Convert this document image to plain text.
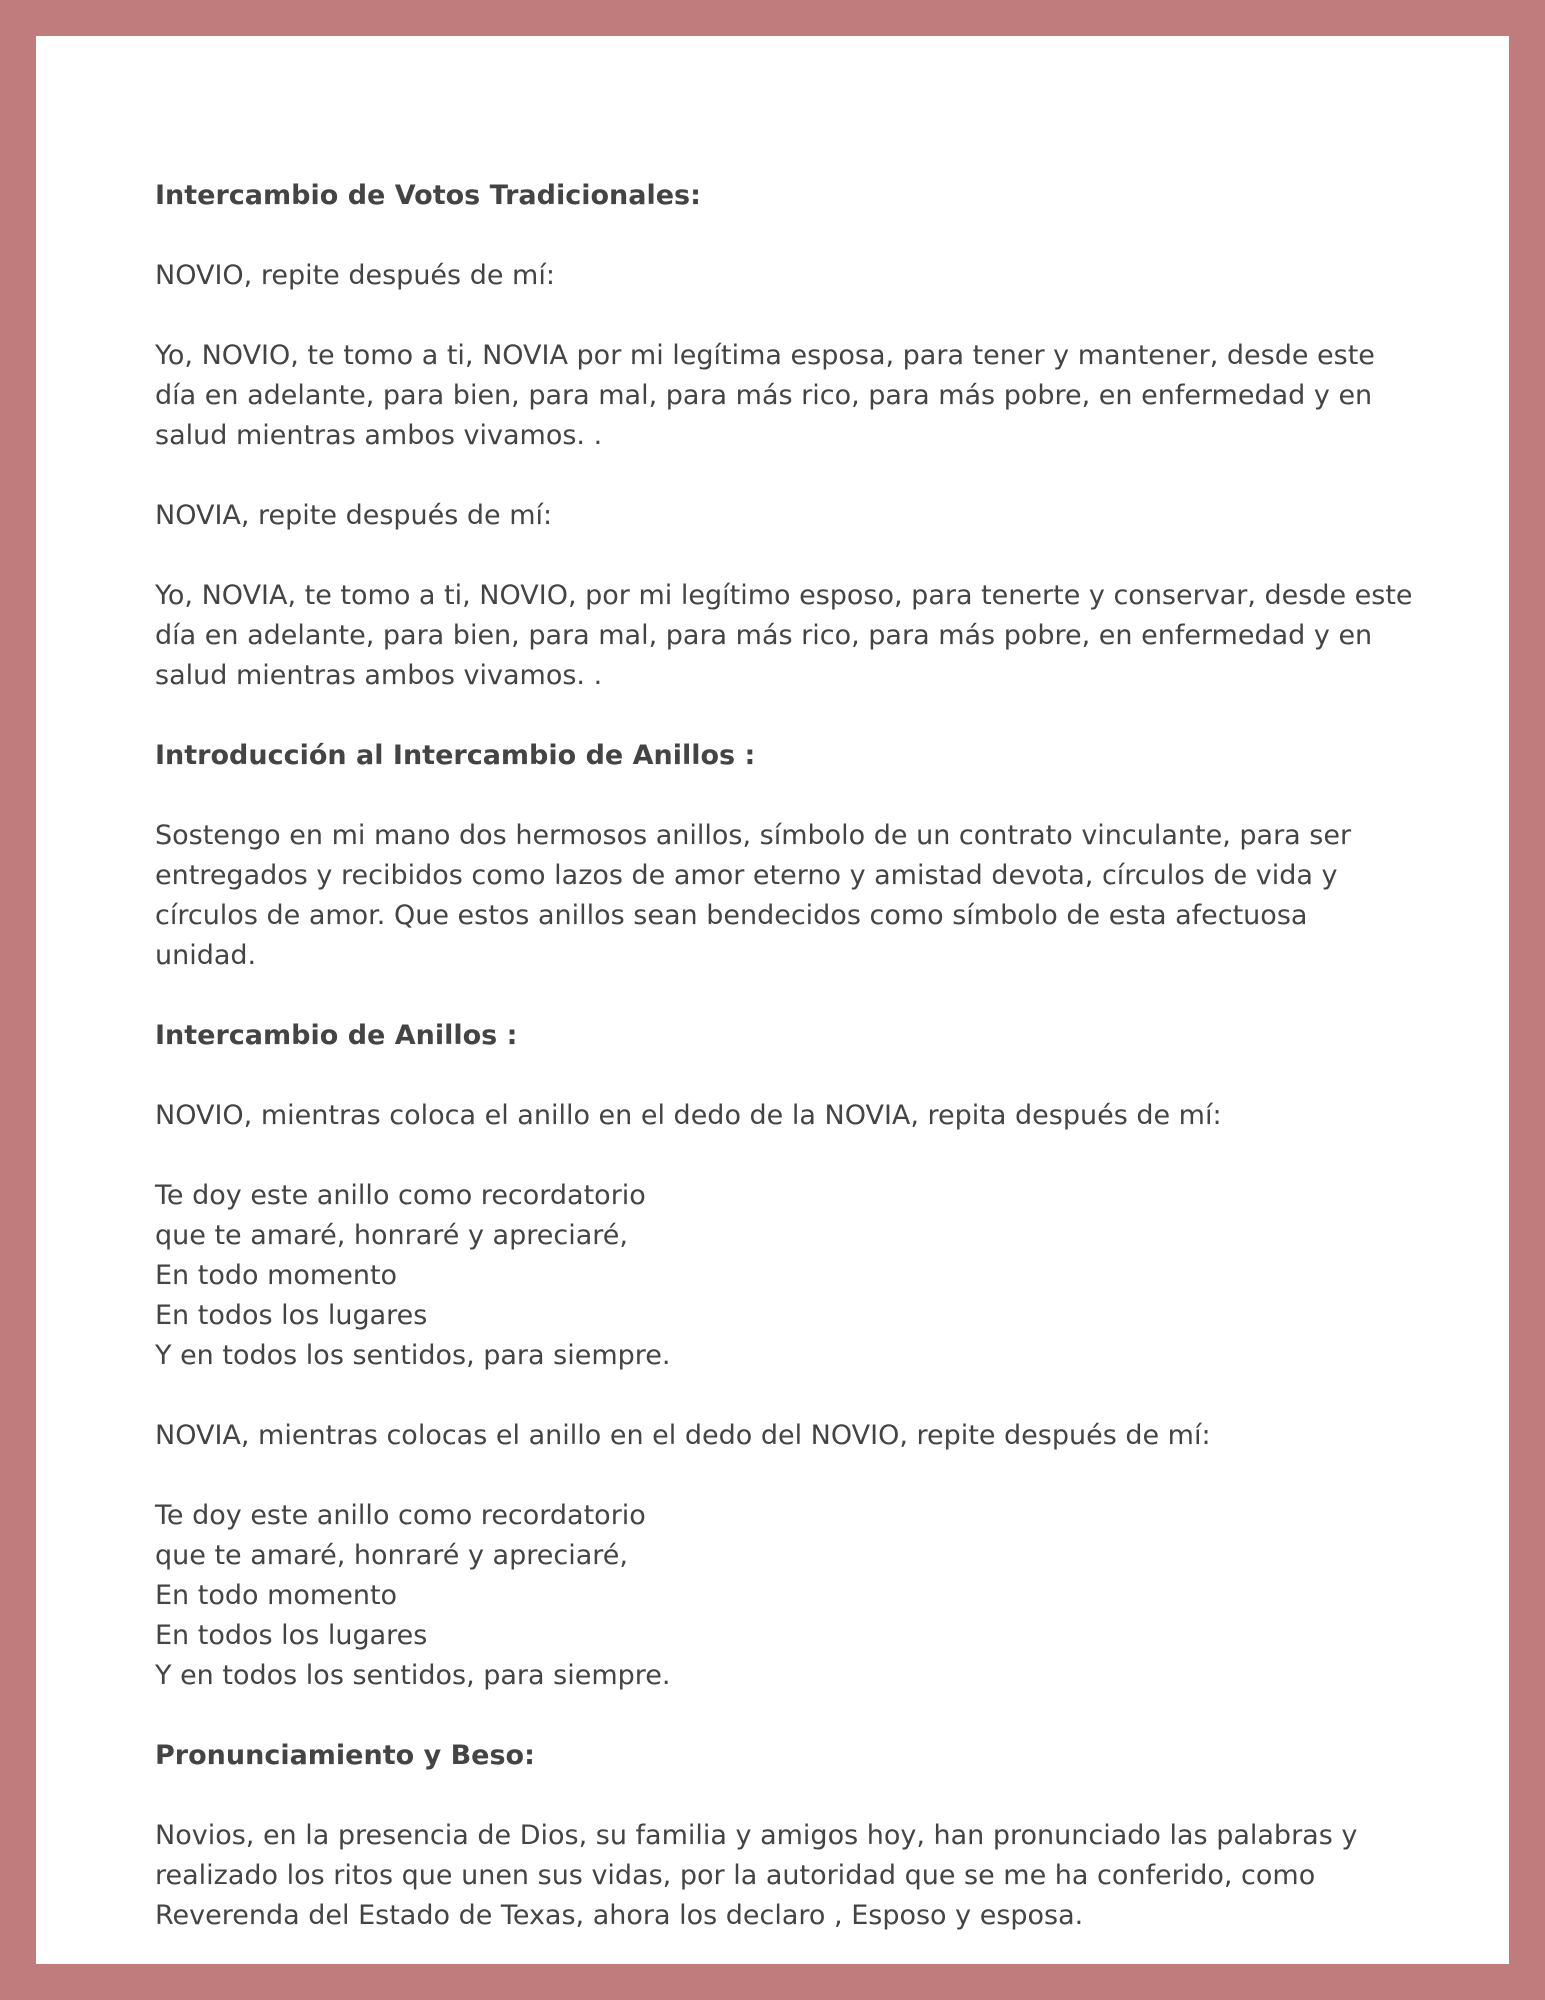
Intercambio de Votos Tradicionales:
NOVIO, repite después de mí:
Yo, NOVIO, te tomo a ti, NOVIA por mi legítima esposa, para tener y mantener, desde este día en adelante, para bien, para mal, para más rico, para más pobre, en enfermedad y en salud mientras ambos vivamos. .
NOVIA, repite después de mí:
Yo, NOVIA, te tomo a ti, NOVIO, por mi legítimo esposo, para tenerte y conservar, desde este día en adelante, para bien, para mal, para más rico, para más pobre, en enfermedad y en salud mientras ambos vivamos. .
Introducción al Intercambio de Anillos :
Sostengo en mi mano dos hermosos anillos, símbolo de un contrato vinculante, para ser entregados y recibidos como lazos de amor eterno y amistad devota, círculos de vida y círculos de amor. Que estos anillos sean bendecidos como símbolo de esta afectuosa unidad.
Intercambio de Anillos :
NOVIO, mientras coloca el anillo en el dedo de la NOVIA, repita después de mí:
Te doy este anillo como recordatorio
que te amaré, honraré y apreciaré,
En todo momento
En todos los lugares
Y en todos los sentidos, para siempre.
NOVIA, mientras colocas el anillo en el dedo del NOVIO, repite después de mí:
Te doy este anillo como recordatorio
que te amaré, honraré y apreciaré,
En todo momento
En todos los lugares
Y en todos los sentidos, para siempre.
Pronunciamiento y Beso:
Novios, en la presencia de Dios, su familia y amigos hoy, han pronunciado las palabras y realizado los ritos que unen sus vidas, por la autoridad que se me ha conferido, como Reverenda del Estado de Texas, ahora los declaro , Esposo y esposa.
